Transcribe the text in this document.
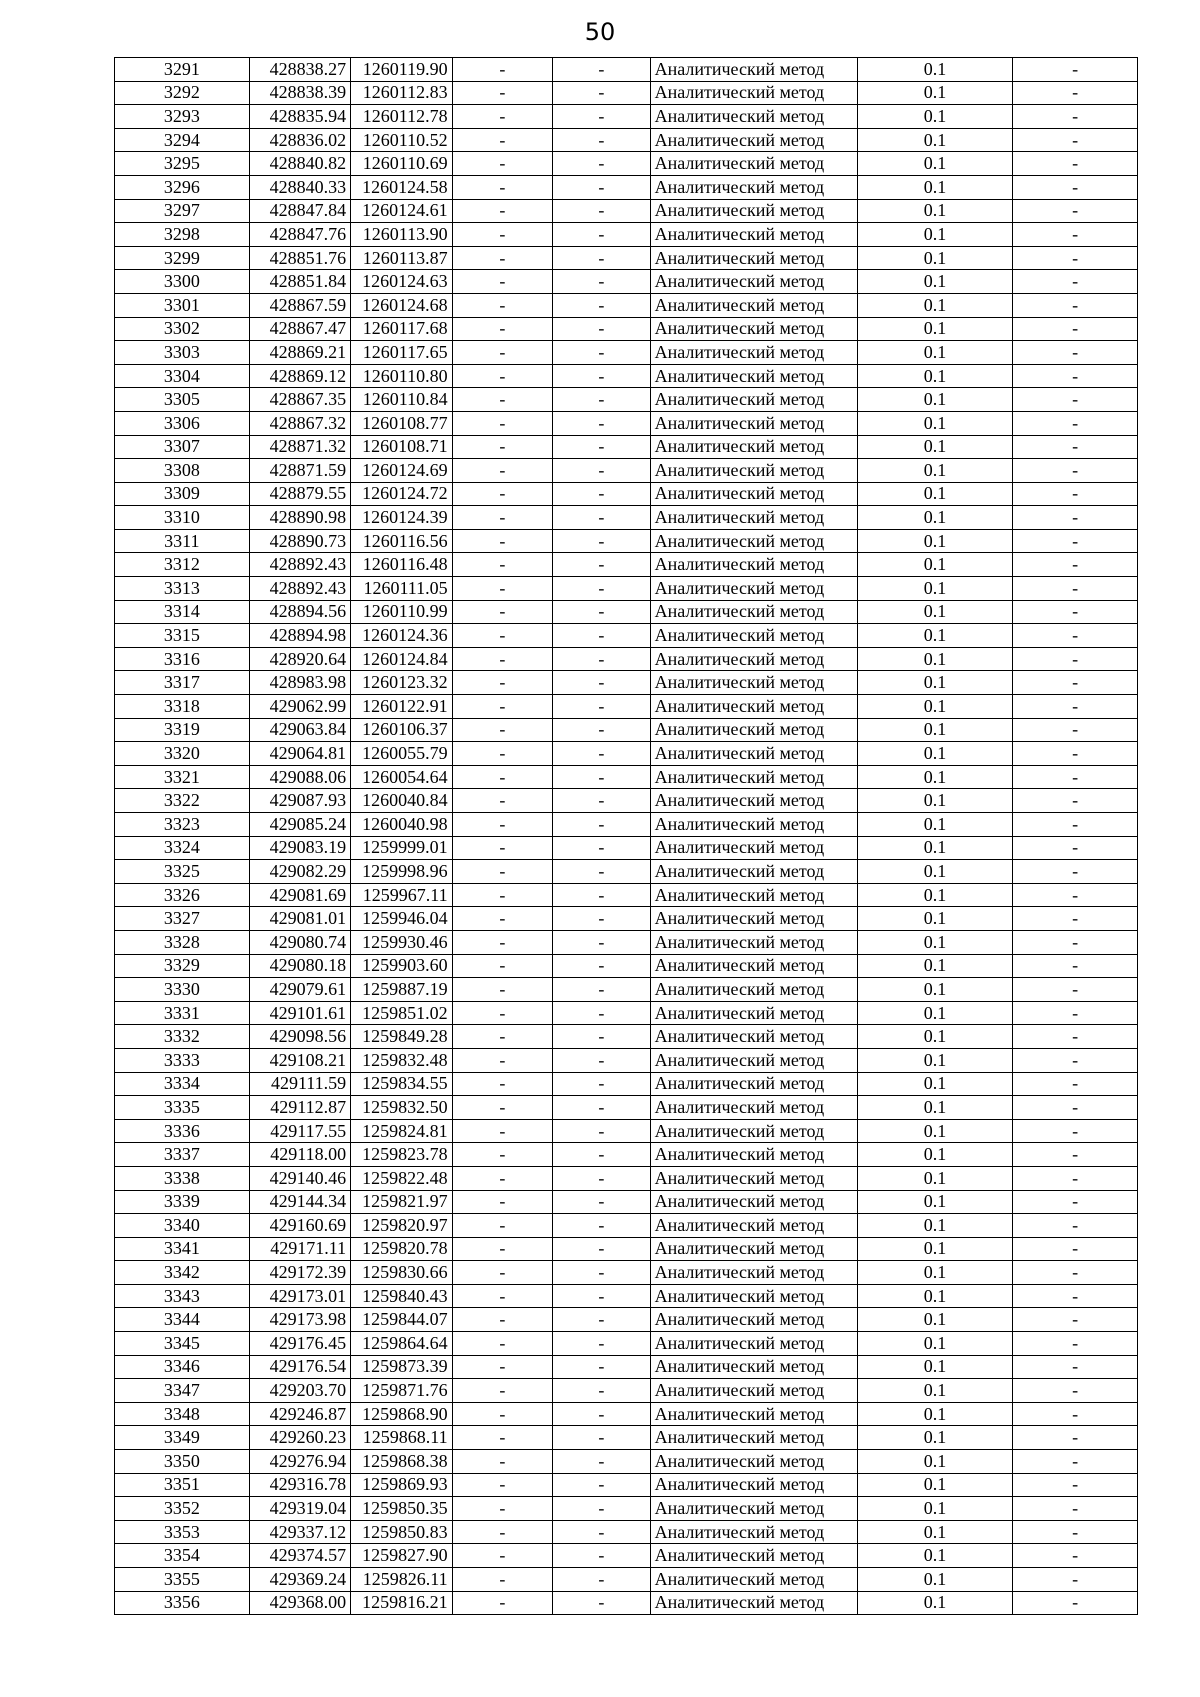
50
3291	428838.27	1260119.90	-	-	Аналитический метод	0.1	-
3292	428838.39	1260112.83	-	-	Аналитический метод	0.1	-
3293	428835.94	1260112.78	-	-	Аналитический метод	0.1	-
3294	428836.02	1260110.52	-	-	Аналитический метод	0.1	-
3295	428840.82	1260110.69	-	-	Аналитический метод	0.1	-
3296	428840.33	1260124.58	-	-	Аналитический метод	0.1	-
3297	428847.84	1260124.61	-	-	Аналитический метод	0.1	-
3298	428847.76	1260113.90	-	-	Аналитический метод	0.1	-
3299	428851.76	1260113.87	-	-	Аналитический метод	0.1	-
3300	428851.84	1260124.63	-	-	Аналитический метод	0.1	-
3301	428867.59	1260124.68	-	-	Аналитический метод	0.1	-
3302	428867.47	1260117.68	-	-	Аналитический метод	0.1	-
3303	428869.21	1260117.65	-	-	Аналитический метод	0.1	-
3304	428869.12	1260110.80	-	-	Аналитический метод	0.1	-
3305	428867.35	1260110.84	-	-	Аналитический метод	0.1	-
3306	428867.32	1260108.77	-	-	Аналитический метод	0.1	-
3307	428871.32	1260108.71	-	-	Аналитический метод	0.1	-
3308	428871.59	1260124.69	-	-	Аналитический метод	0.1	-
3309	428879.55	1260124.72	-	-	Аналитический метод	0.1	-
3310	428890.98	1260124.39	-	-	Аналитический метод	0.1	-
3311	428890.73	1260116.56	-	-	Аналитический метод	0.1	-
3312	428892.43	1260116.48	-	-	Аналитический метод	0.1	-
3313	428892.43	1260111.05	-	-	Аналитический метод	0.1	-
3314	428894.56	1260110.99	-	-	Аналитический метод	0.1	-
3315	428894.98	1260124.36	-	-	Аналитический метод	0.1	-
3316	428920.64	1260124.84	-	-	Аналитический метод	0.1	-
3317	428983.98	1260123.32	-	-	Аналитический метод	0.1	-
3318	429062.99	1260122.91	-	-	Аналитический метод	0.1	-
3319	429063.84	1260106.37	-	-	Аналитический метод	0.1	-
3320	429064.81	1260055.79	-	-	Аналитический метод	0.1	-
3321	429088.06	1260054.64	-	-	Аналитический метод	0.1	-
3322	429087.93	1260040.84	-	-	Аналитический метод	0.1	-
3323	429085.24	1260040.98	-	-	Аналитический метод	0.1	-
3324	429083.19	1259999.01	-	-	Аналитический метод	0.1	-
3325	429082.29	1259998.96	-	-	Аналитический метод	0.1	-
3326	429081.69	1259967.11	-	-	Аналитический метод	0.1	-
3327	429081.01	1259946.04	-	-	Аналитический метод	0.1	-
3328	429080.74	1259930.46	-	-	Аналитический метод	0.1	-
3329	429080.18	1259903.60	-	-	Аналитический метод	0.1	-
3330	429079.61	1259887.19	-	-	Аналитический метод	0.1	-
3331	429101.61	1259851.02	-	-	Аналитический метод	0.1	-
3332	429098.56	1259849.28	-	-	Аналитический метод	0.1	-
3333	429108.21	1259832.48	-	-	Аналитический метод	0.1	-
3334	429111.59	1259834.55	-	-	Аналитический метод	0.1	-
3335	429112.87	1259832.50	-	-	Аналитический метод	0.1	-
3336	429117.55	1259824.81	-	-	Аналитический метод	0.1	-
3337	429118.00	1259823.78	-	-	Аналитический метод	0.1	-
3338	429140.46	1259822.48	-	-	Аналитический метод	0.1	-
3339	429144.34	1259821.97	-	-	Аналитический метод	0.1	-
3340	429160.69	1259820.97	-	-	Аналитический метод	0.1	-
3341	429171.11	1259820.78	-	-	Аналитический метод	0.1	-
3342	429172.39	1259830.66	-	-	Аналитический метод	0.1	-
3343	429173.01	1259840.43	-	-	Аналитический метод	0.1	-
3344	429173.98	1259844.07	-	-	Аналитический метод	0.1	-
3345	429176.45	1259864.64	-	-	Аналитический метод	0.1	-
3346	429176.54	1259873.39	-	-	Аналитический метод	0.1	-
3347	429203.70	1259871.76	-	-	Аналитический метод	0.1	-
3348	429246.87	1259868.90	-	-	Аналитический метод	0.1	-
3349	429260.23	1259868.11	-	-	Аналитический метод	0.1	-
3350	429276.94	1259868.38	-	-	Аналитический метод	0.1	-
3351	429316.78	1259869.93	-	-	Аналитический метод	0.1	-
3352	429319.04	1259850.35	-	-	Аналитический метод	0.1	-
3353	429337.12	1259850.83	-	-	Аналитический метод	0.1	-
3354	429374.57	1259827.90	-	-	Аналитический метод	0.1	-
3355	429369.24	1259826.11	-	-	Аналитический метод	0.1	-
3356	429368.00	1259816.21	-	-	Аналитический метод	0.1	-
